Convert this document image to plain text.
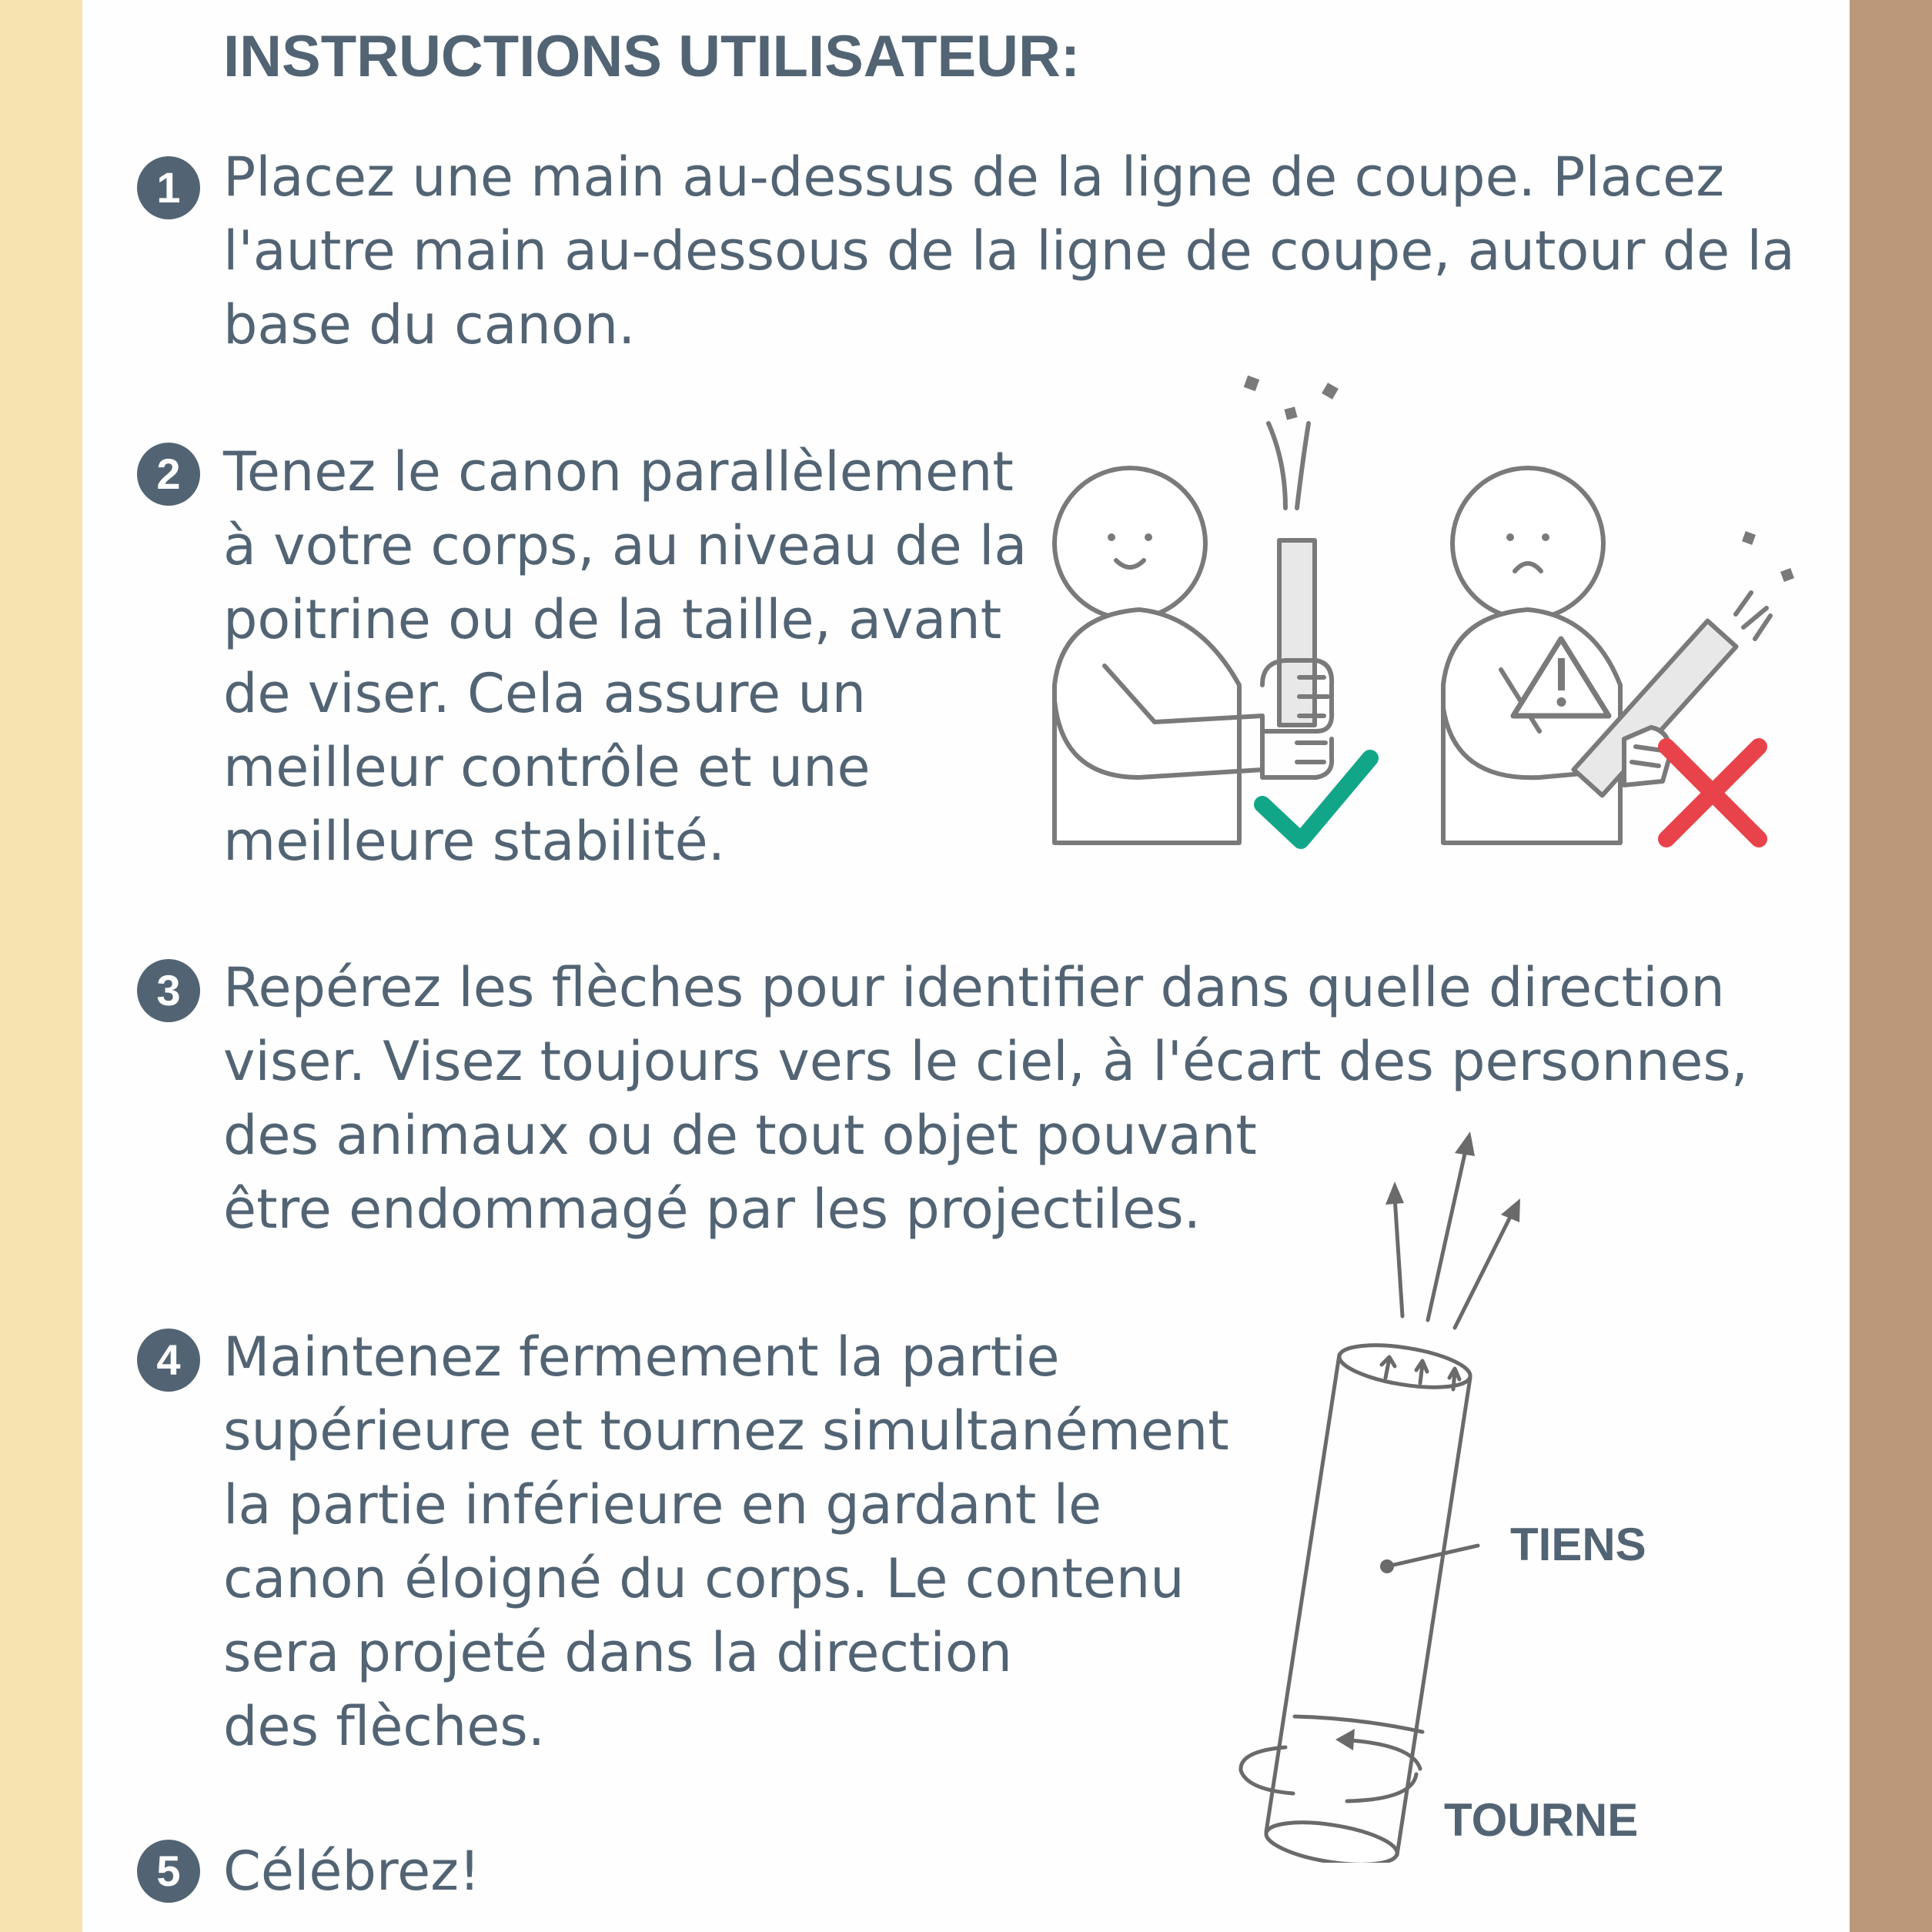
INSTRUCTIONS UTILISATEUR:
1 Placez une main au-dessus de la ligne de coupe. Placez
l'autre main au-dessous de la ligne de coupe, autour de la
base du canon.

2 Tenez le canon parallèlement
à votre corps, au niveau de la
poitrine ou de la taille, avant
de viser. Cela assure un
meilleur contrôle et une
meilleure stabilité.

3 Repérez les flèches pour identifier dans quelle direction
viser. Visez toujours vers le ciel, à l'écart des personnes,
des animaux ou de tout objet pouvant
être endommagé par les projectiles.

4 Maintenez fermement la partie
supérieure et tournez simultanément
la partie inférieure en gardant le
canon éloigné du corps. Le contenu
sera projeté dans la direction
des flèches.

TIENS
TOURNE
5 Célébrez!
